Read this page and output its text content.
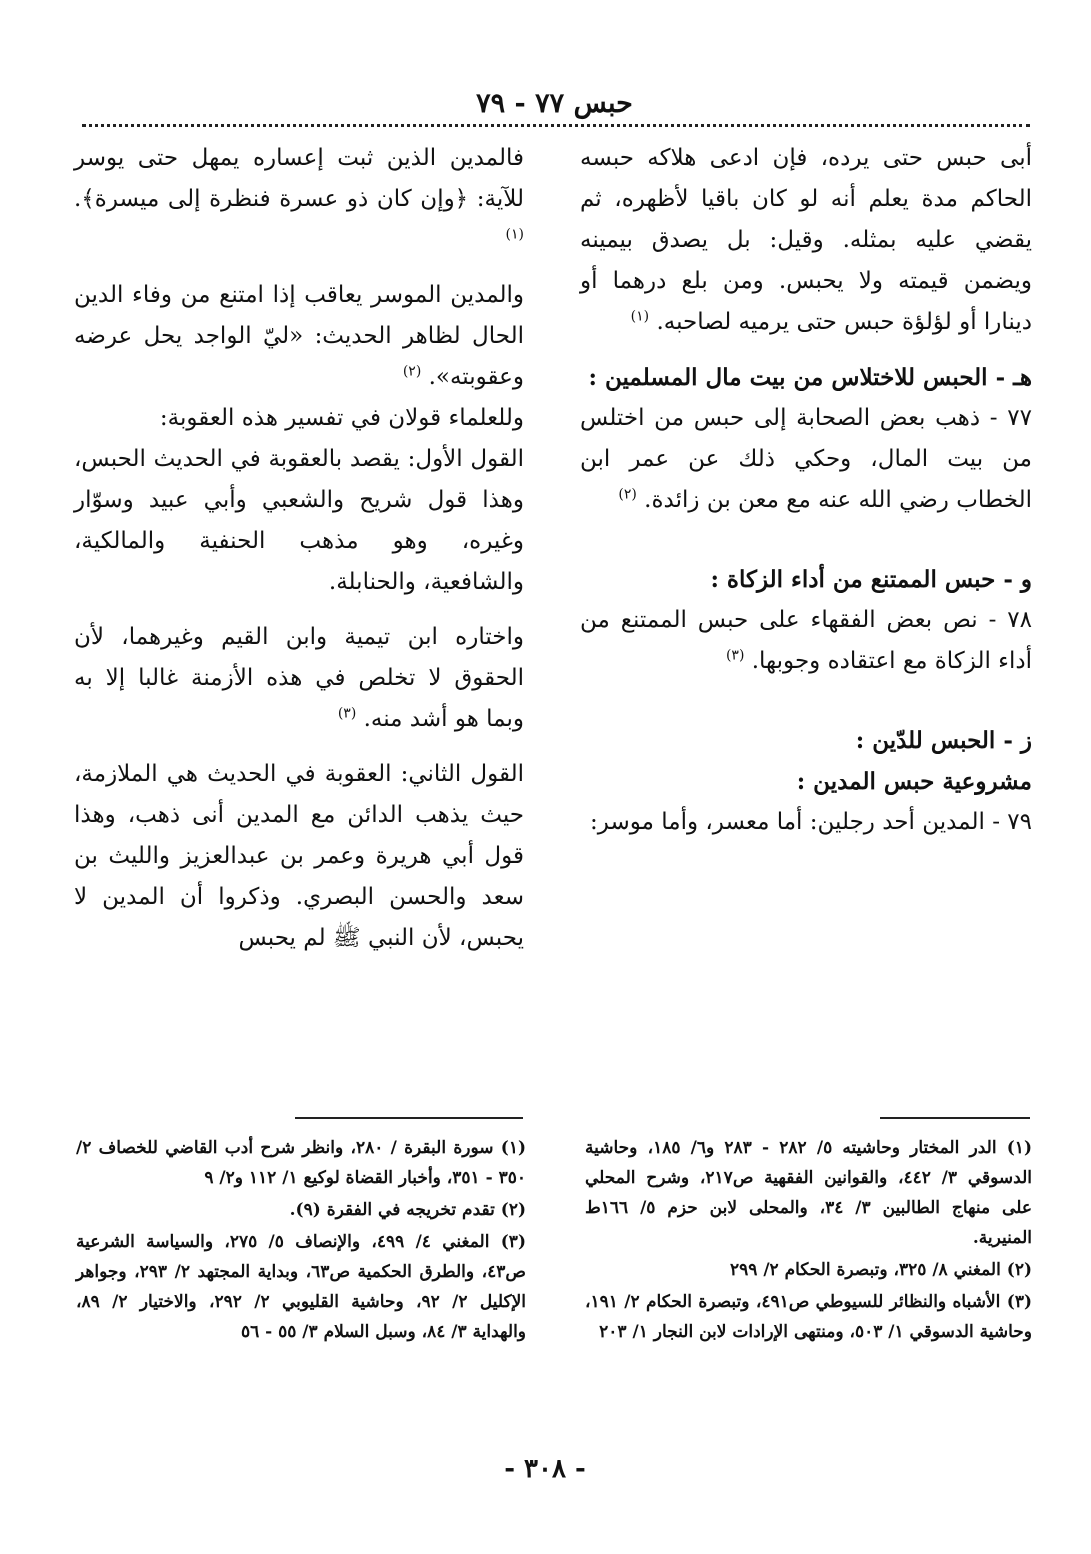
حبس ٧٧ - ٧٩

أبى حبس حتى يرده، فإن ادعى هلاكه حبسه الحاكم مدة يعلم أنه لو كان باقيا لأظهره، ثم يقضي عليه بمثله. وقيل: بل يصدق بيمينه ويضمن قيمته ولا يحبس. ومن بلع درهما أو دينارا أو لؤلؤة حبس حتى يرميه لصاحبه. $^{(١)}$

هـ - الحبس للاختلاس من بيت مال المسلمين :

٧٧ - ذهب بعض الصحابة إلى حبس من اختلس من بيت المال، وحكي ذلك عن عمر ابن الخطاب رضي الله عنه مع معن بن زائدة. $^{(٢)}$

و - حبس الممتنع من أداء الزكاة :

٧٨ - نص بعض الفقهاء على حبس الممتنع من أداء الزكاة مع اعتقاده وجوبها. $^{(٣)}$

ز - الحبس للدّين :

مشروعية حبس المدين :

٧٩ - المدين أحد رجلين: أما معسر، وأما موسر:

فالمدين الذين ثبت إعساره يمهل حتى يوسر للآية: ﴿وإن كان ذو عسرة فنظرة إلى ميسرة﴾. $^{(١)}$

والمدين الموسر يعاقب إذا امتنع من وفاء الدين الحال لظاهر الحديث: «ليّ الواجد يحل عرضه وعقوبته». $^{(٢)}$

وللعلماء قولان في تفسير هذه العقوبة:

القول الأول: يقصد بالعقوبة في الحديث الحبس، وهذا قول شريح والشعبي وأبي عبيد وسوّار وغيره، وهو مذهب الحنفية والمالكية، والشافعية، والحنابلة.

واختاره ابن تيمية وابن القيم وغيرهما، لأن الحقوق لا تخلص في هذه الأزمنة غالبا إلا به وبما هو أشد منه. $^{(٣)}$

القول الثاني: العقوبة في الحديث هي الملازمة، حيث يذهب الدائن مع المدين أنى ذهب، وهذا قول أبي هريرة وعمر بن عبدالعزيز والليث بن سعد والحسن البصري. وذكروا أن المدين لا يحبس، لأن النبي ﷺ لم يحبس

(١) الدر المختار وحاشيته ٥/ ٢٨٢ - ٢٨٣ و٦/ ١٨٥، وحاشية الدسوقي ٣/ ٤٤٢، والقوانين الفقهية ص٢١٧، وشرح المحلي على منهاج الطالبين ٣/ ٣٤، والمحلى لابن حزم ٥/ ١٦٦ط المنيرية.

(٢) المغني ٨/ ٣٢٥، وتبصرة الحكام ٢/ ٢٩٩

(٣) الأشباه والنظائر للسيوطي ص٤٩١، وتبصرة الحكام ٢/ ١٩١، وحاشية الدسوقي ١/ ٥٠٣، ومنتهى الإرادات لابن النجار ١/ ٢٠٣

(١) سورة البقرة / ٢٨٠، وانظر شرح أدب القاضي للخصاف ٢/ ٣٥٠ - ٣٥١، وأخبار القضاة لوكيع ١/ ١١٢ و٢/ ٩

(٢) تقدم تخريجه في الفقرة (٩).

(٣) المغني ٤/ ٤٩٩، والإنصاف ٥/ ٢٧٥، والسياسة الشرعية ص٤٣، والطرق الحكمية ص٦٣، وبداية المجتهد ٢/ ٢٩٣، وجواهر الإكليل ٢/ ٩٢، وحاشية القليوبي ٢/ ٢٩٢، والاختيار ٢/ ٨٩، والهداية ٣/ ٨٤، وسبل السلام ٣/ ٥٥ - ٥٦

- ٣٠٨ -
